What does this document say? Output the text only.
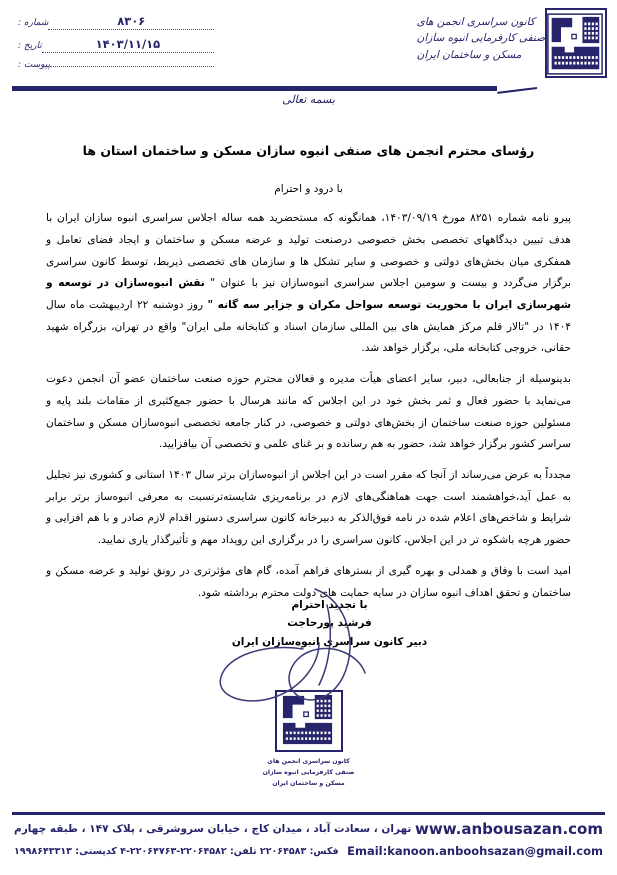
کانون سراسری انجمن های
صنفی کارفرمایی انبوه سازان
مسکن و ساختمان ایران
شماره :	۸۳۰۶
تاریخ :	۱۴۰۳/۱۱/۱۵
پیوست :
بسمه تعالی
رؤسای محترم انجمن های صنفی انبوه سازان مسکن و ساختمان استان ها
با درود و احترام
پیرو نامه شماره ۸۲۵۱ مورخ ۱۴۰۳/۰۹/۱۹، همانگونه که مستحضرید همه ساله اجلاس سراسری انبوه سازان ایران با هدف تبیین دیدگاههای تخصصی بخش خصوصی درصنعت تولید و عرضه مسکن و ساختمان و ایجاد فضای تعامل و همفکری میان بخش‌های دولتی و خصوصی و سایر تشکل ها و سازمان های تخصصی ذیربط، توسط کانون سراسری برگزار می‌گردد و بیست و سومین اجلاس سراسری انبوه‌سازان نیز با عنوان " نقش انبوه‌سازان در توسعه و شهرسازی ایران با محوریت توسعه سواحل مکران و جزایر سه گانه " روز دوشنبه ۲۲ اردیبهشت ماه سال ۱۴۰۴ در "تالار قلم مرکز همایش های بین المللی سازمان اسناد و کتابخانه ملی ایران" واقع در تهران، بزرگراه شهید حقانی، خروجی کتابخانه ملی، برگزار خواهد شد.
بدینوسیله از جنابعالی، دبیر، سایر اعضای هیأت مدیره و فعالان محترم حوزه صنعت ساختمان عضو آن انجمن دعوت می‌نماید با حضور فعال و ثمر بخش خود در این اجلاس که مانند هرسال با حضور جمع‌کثیری از مقامات بلند پایه و مسئولین حوزه صنعت ساختمان از بخش‌های دولتی و خصوصی، در کنار جامعه تخصصی انبوه‌سازان مسکن و ساختمان سراسر کشور برگزار خواهد شد، حضور به هم رسانده و بر غنای علمی و تخصصی آن بیافزایید.
مجدداً به عرض می‌رساند از آنجا که مقرر است در این اجلاس از انبوه‌سازان برتر سال ۱۴۰۳ استانی و کشوری نیز تجلیل به عمل آید،خواهشمند است جهت هماهنگی‌های لازم در برنامه‌ریزی شایسته‌ترنسبت به معرفی انبوه‌ساز برتر برابر شرایط و شاخص‌های اعلام شده در نامه فوق‌الذکر به دبیرخانه کانون سراسری دستور اقدام لازم صادر و با هم افزایی و حضور هرچه باشکوه تر در این اجلاس، کانون سراسری را در برگزاری این رویداد مهم و تأثیرگذار یاری نمایید.
امید است با وفاق و همدلی و بهره گیری از بسترهای فراهم آمده، گام های مؤثرتری در رونق تولید و عرضه مسکن و ساختمان و تحقق اهداف انبوه سازان در سایه حمایت های دولت محترم برداشته شود.
با تجدید احترام
فرشید پورحاجت
دبیر کانون سراسری انبوه‌سازان ایران
کانون سراسری انجمن های
صنفی کارفرمایی انبوه سازان
مسکن و ساختمان ایران
www.anbousazan.com
تهران ، سعادت آباد ، میدان کاج ، خیابان سروشرقی ، پلاک ۱۴۷ ، طبقه چهارم
Email:kanoon.anboohsazan@gmail.com
فکس: ۲۲۰۶۴۵۸۳ تلفن: ۲۲۰۶۴۵۸۲-۲۲۰۶۴۷۶۳-۴ کدپستی: ۱۹۹۸۶۴۳۳۱۳
